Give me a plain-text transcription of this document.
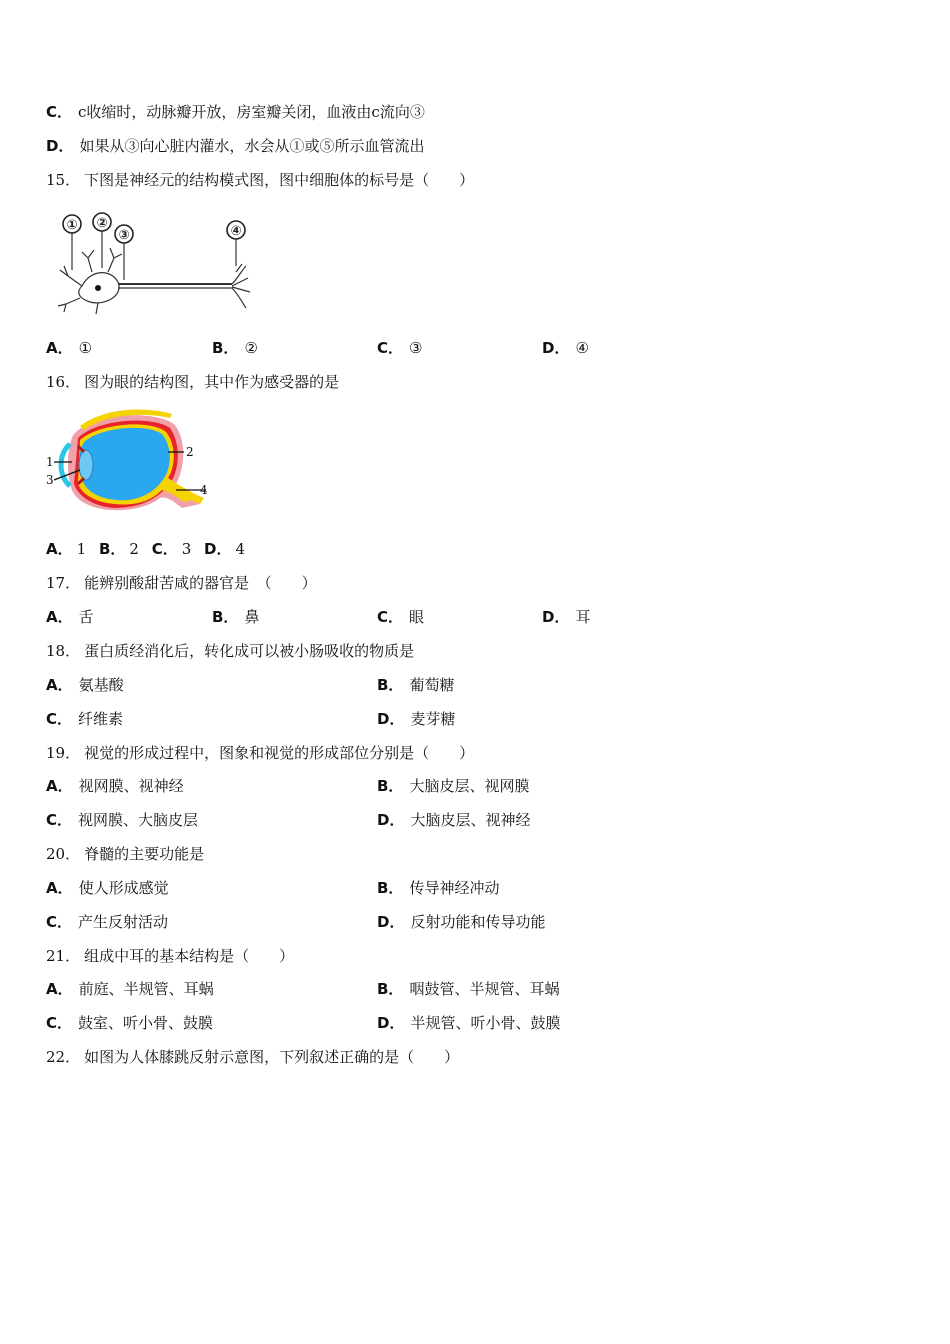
C． c收缩时，动脉瓣开放，房室瓣关闭，血液由c流向③
D． 如果从③向心脏内灌水，水会从①或⑤所示血管流出
15． 下图是神经元的结构模式图，图中细胞体的标号是（　　）
① ②
③	④
A． ①	B． ②	C． ③	D． ④
16． 图为眼的结构图，其中作为感受器的是
1
2
3
4
A． 1 B． 2 C． 3 D． 4
17． 能辨别酸甜苦咸的器官是　（　　）
A． 舌	B． 鼻	C． 眼	D． 耳
18． 蛋白质经消化后，转化成可以被小肠吸收的物质是
A． 氨基酸	B． 葡萄糖
C． 纤维素	D． 麦芽糖
19． 视觉的形成过程中，图象和视觉的形成部位分别是（　　）
A． 视网膜、视神经	B． 大脑皮层、视网膜
C． 视网膜、大脑皮层	D． 大脑皮层、视神经
20． 脊髓的主要功能是
A． 使人形成感觉	B． 传导神经冲动
C． 产生反射活动	D． 反射功能和传导功能
21． 组成中耳的基本结构是（　　）
A． 前庭、半规管、耳蜗	B． 咽鼓管、半规管、耳蜗
C． 鼓室、听小骨、鼓膜	D． 半规管、听小骨、鼓膜
22． 如图为人体膝跳反射示意图，下列叙述正确的是（　　）
